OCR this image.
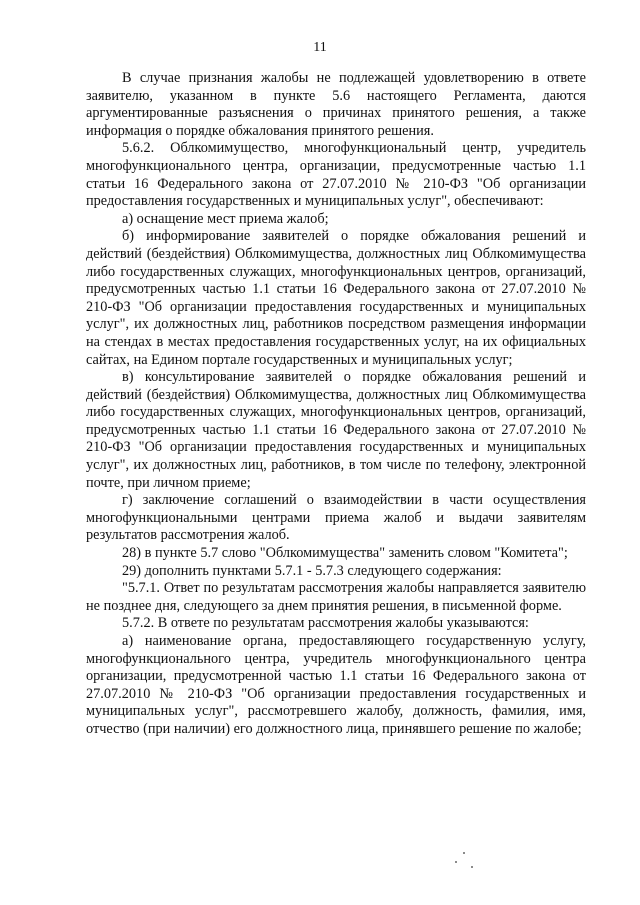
11

В случае признания жалобы не подлежащей удовлетворению в ответе заявителю, указанном в пункте 5.6 настоящего Регламента, даются аргументированные разъяснения о причинах принятого решения, а также информация о порядке обжалования принятого решения.

5.6.2. Облкомимущество, многофункциональный центр, учредитель многофункционального центра, организации, предусмотренные частью 1.1 статьи 16 Федерального закона от 27.07.2010 № 210-ФЗ "Об организации предоставления государственных и муниципальных услуг", обеспечивают:

а) оснащение мест приема жалоб;

б) информирование заявителей о порядке обжалования решений и действий (бездействия) Облкомимущества, должностных лиц Облкомимущества либо государственных служащих, многофункциональных центров, организаций, предусмотренных частью 1.1 статьи 16 Федерального закона от 27.07.2010 № 210-ФЗ "Об организации предоставления государственных и муниципальных услуг", их должностных лиц, работников посредством размещения информации на стендах в местах предоставления государственных услуг, на их официальных сайтах, на Едином портале государственных и муниципальных услуг;

в) консультирование заявителей о порядке обжалования решений и действий (бездействия) Облкомимущества, должностных лиц Облкомимущества либо государственных служащих, многофункциональных центров, организаций, предусмотренных частью 1.1 статьи 16 Федерального закона от 27.07.2010 № 210-ФЗ "Об организации предоставления государственных и муниципальных услуг", их должностных лиц, работников, в том числе по телефону, электронной почте, при личном приеме;

г) заключение соглашений о взаимодействии в части осуществления многофункциональными центрами приема жалоб и выдачи заявителям результатов рассмотрения жалоб.

28) в пункте 5.7 слово "Облкомимущества" заменить словом "Комитета";

29) дополнить пунктами 5.7.1 - 5.7.3 следующего содержания:

"5.7.1. Ответ по результатам рассмотрения жалобы направляется заявителю не позднее дня, следующего за днем принятия решения, в письменной форме.

5.7.2. В ответе по результатам рассмотрения жалобы указываются:

а) наименование органа, предоставляющего государственную услугу, многофункционального центра, учредитель многофункционального центра организации, предусмотренной частью 1.1 статьи 16 Федерального закона от 27.07.2010 № 210-ФЗ "Об организации предоставления государственных и муниципальных услуг", рассмотревшего жалобу, должность, фамилия, имя, отчество (при наличии) его должностного лица, принявшего решение по жалобе;
